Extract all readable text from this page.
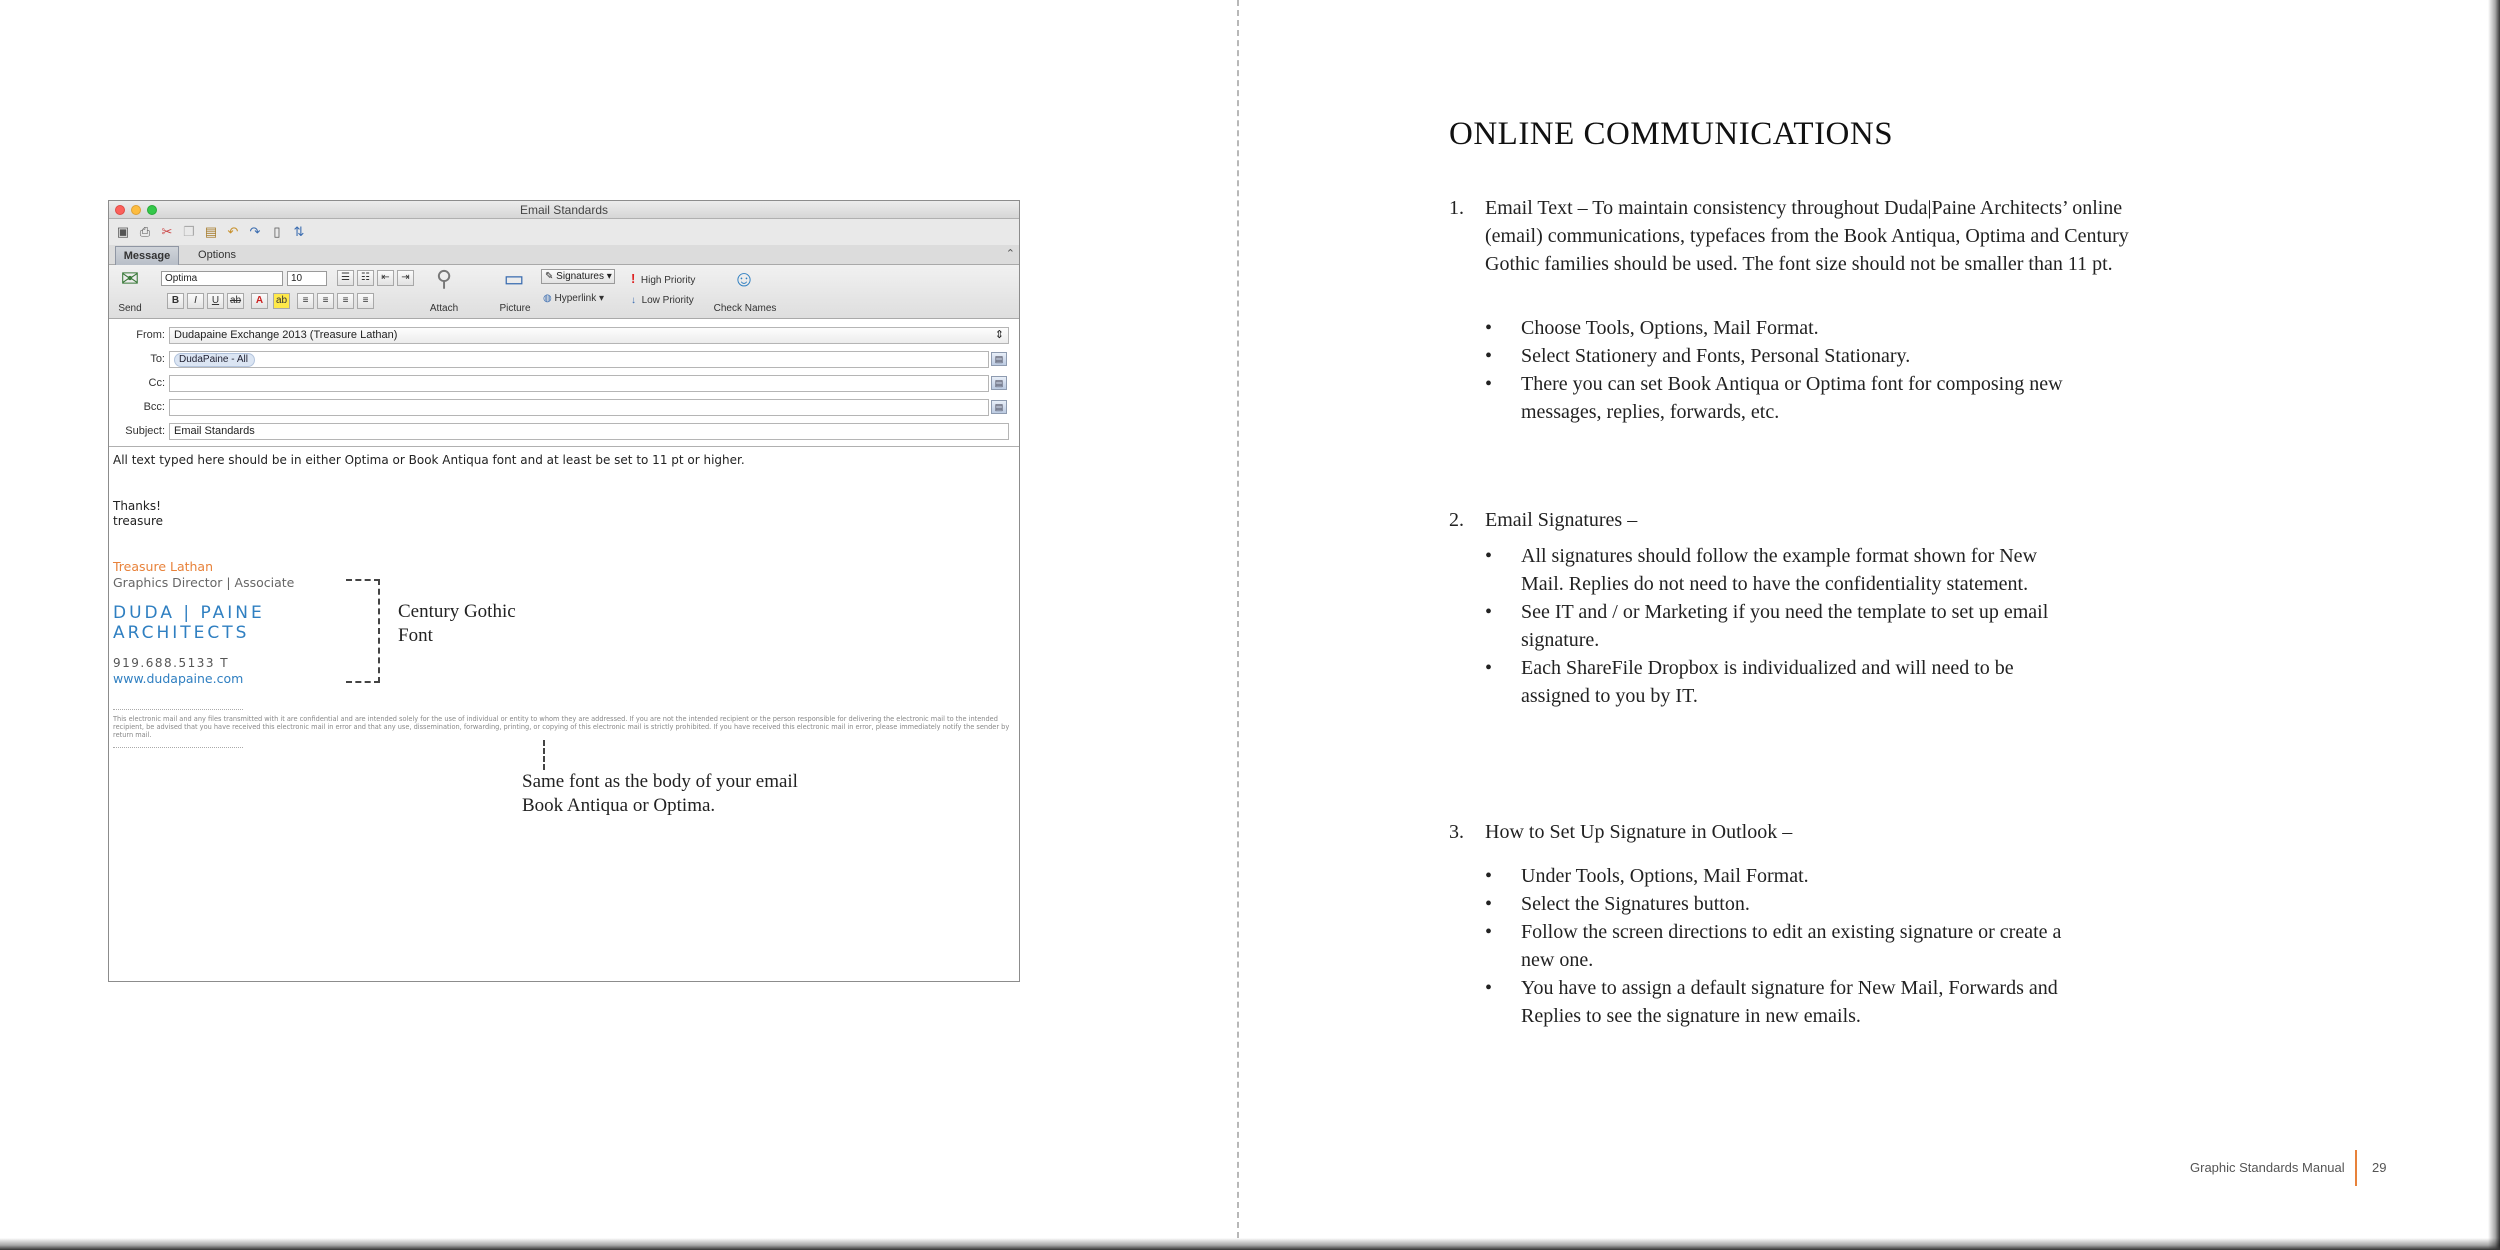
Email Standards
▣ ⎙ ✂ ❐ ▤ ↶ ↷ ▯ ⇅
Message	Options	⌃
✉
Send
Optima	10	☰	☷	⇤	⇥
B	I	U	ab	A	ab	≡	≡	≡	≡
⚲
Attach
▭
Picture
✎ Signatures ▾
◍ Hyperlink ▾
! High Priority
↓ Low Priority
☺
Check Names
From: Dudapaine Exchange 2013 (Treasure Lathan)	⇕
To:	DudaPaine - All	▤
Cc:	▤
Bcc:	▤
Subject: Email Standards
All text typed here should be in either Optima or Book Antiqua font and at least be set to 11 pt or higher.
Thanks!
treasure
Treasure Lathan
Graphics Director | Associate
DUDA | PAINE
ARCHITECTS
919.688.5133 T
www.dudapaine.com
This electronic mail and any files transmitted with it are confidential and are intended solely for the use of individual or entity to whom they are addressed. If you are not the intended recipient or the person responsible for delivering the electronic mail to the intended recipient, be advised that you have received this electronic mail in error and that any use, dissemination, forwarding, printing, or copying of this electronic mail is strictly prohibited. If you have received this electronic mail in error, please immediately notify the sender by return mail.
Century Gothic
Font
Same font as the body of your email
Book Antiqua or Optima.
ONLINE COMMUNICATIONS
1. Email Text – To maintain consistency throughout Duda|Paine Architects’ online (email) communications, typefaces from the Book Antiqua, Optima and Century Gothic families should be used. The font size should not be smaller than 11 pt.
• Choose Tools, Options, Mail Format.
• Select Stationery and Fonts, Personal Stationary.
• There you can set Book Antiqua or Optima font for composing new messages, replies, forwards, etc.
2. Email Signatures –
• All signatures should follow the example format shown for New Mail. Replies do not need to have the confidentiality statement.
• See IT and / or Marketing if you need the template to set up email signature.
• Each ShareFile Dropbox is individualized and will need to be assigned to you by IT.
3. How to Set Up Signature in Outlook –
• Under Tools, Options, Mail Format.
• Select the Signatures button.
• Follow the screen directions to edit an existing signature or create a new one.
• You have to assign a default signature for New Mail, Forwards and Replies to see the signature in new emails.
Graphic Standards Manual 29
